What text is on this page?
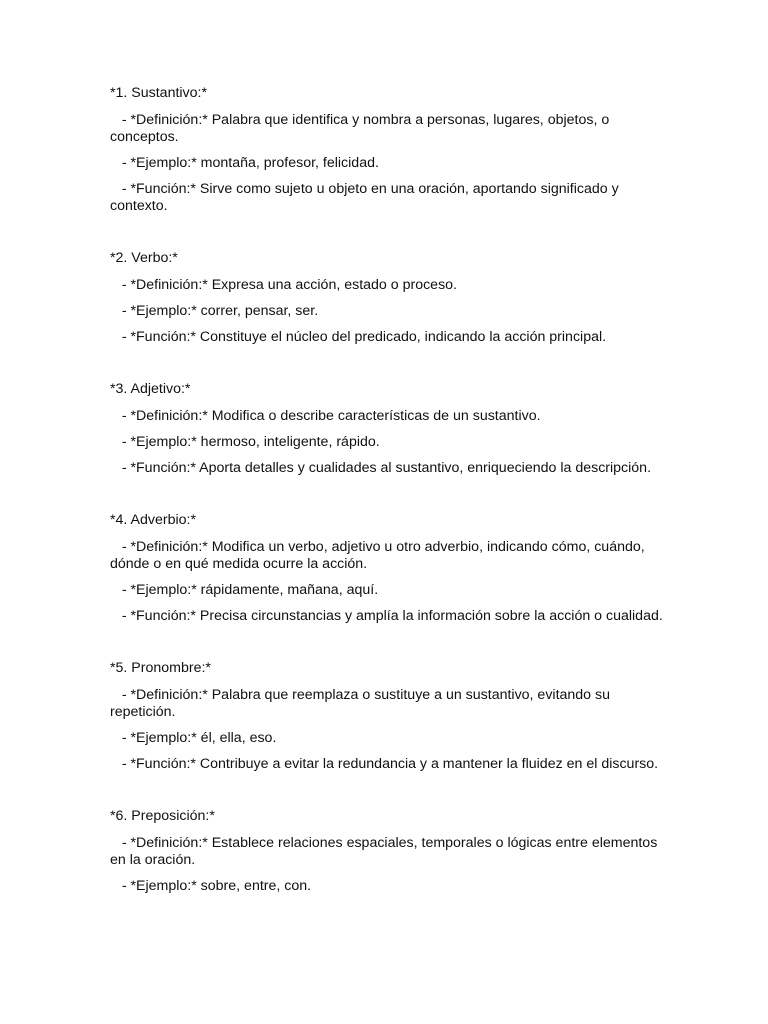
*1. Sustantivo:*

- *Definición:* Palabra que identifica y nombra a personas, lugares, objetos, o conceptos.

- *Ejemplo:* montaña, profesor, felicidad.

- *Función:* Sirve como sujeto u objeto en una oración, aportando significado y contexto.

*2. Verbo:*

- *Definición:* Expresa una acción, estado o proceso.

- *Ejemplo:* correr, pensar, ser.

- *Función:* Constituye el núcleo del predicado, indicando la acción principal.

*3. Adjetivo:*

- *Definición:* Modifica o describe características de un sustantivo.

- *Ejemplo:* hermoso, inteligente, rápido.

- *Función:* Aporta detalles y cualidades al sustantivo, enriqueciendo la descripción.

*4. Adverbio:*

- *Definición:* Modifica un verbo, adjetivo u otro adverbio, indicando cómo, cuándo, dónde o en qué medida ocurre la acción.

- *Ejemplo:* rápidamente, mañana, aquí.

- *Función:* Precisa circunstancias y amplía la información sobre la acción o cualidad.

*5. Pronombre:*

- *Definición:* Palabra que reemplaza o sustituye a un sustantivo, evitando su repetición.

- *Ejemplo:* él, ella, eso.

- *Función:* Contribuye a evitar la redundancia y a mantener la fluidez en el discurso.

*6. Preposición:*

- *Definición:* Establece relaciones espaciales, temporales o lógicas entre elementos en la oración.

- *Ejemplo:* sobre, entre, con.
